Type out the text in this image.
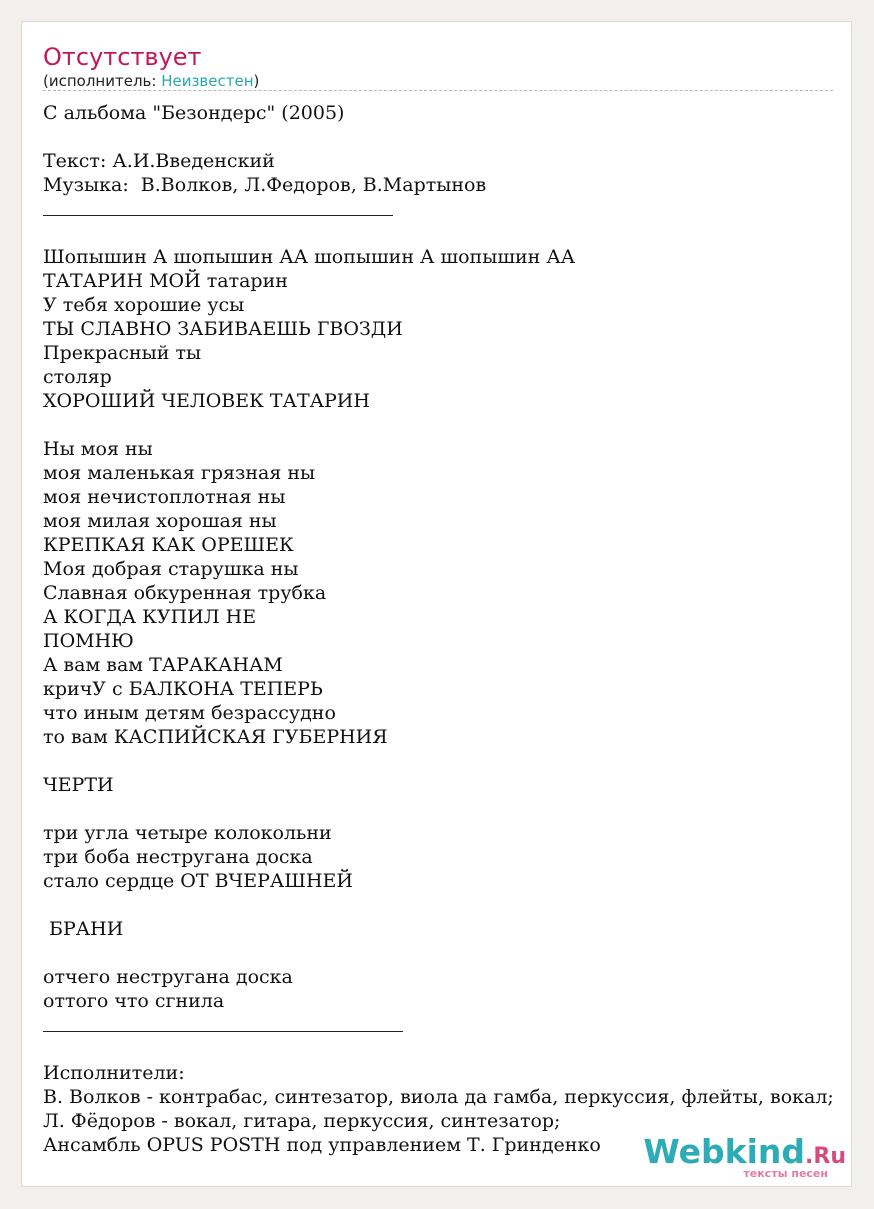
Отсутствует
(исполнитель: Неизвестен)
С альбома "Безондерс" (2005)
Текст: А.И.Введенский
Музыка:  В.Волков, Л.Федоров, В.Мартынов
Шопышин А шопышин АА шопышин А шопышин АА
ТАТАРИН МОЙ татарин
У тебя хорошие усы
ТЫ СЛАВНО ЗАБИВАЕШЬ ГВОЗДИ
Прекрасный ты
столяр
ХОРОШИЙ ЧЕЛОВЕК ТАТАРИН
Ны моя ны
моя маленькая грязная ны
моя нечистоплотная ны
моя милая хорошая ны
КРЕПКАЯ КАК ОРЕШЕК
Моя добрая старушка ны
Славная обкуренная трубка
А КОГДА КУПИЛ НЕ
ПОМНЮ
А вам вам ТАРАКАНАМ
кричУ с БАЛКОНА ТЕПЕРЬ
что иным детям безрассудно
то вам КАСПИЙСКАЯ ГУБЕРНИЯ
ЧЕРТИ
три угла четыре колокольни
три боба неструганa доска
стало сердце ОТ ВЧЕРАШНЕЙ
БРАНИ
отчего неструганa доска
оттого что сгнила
Исполнители:
В. Волков - контрабас, синтезатор, виола да гамба, перкуссия, флейты, вокал;
Л. Фёдоров - вокал, гитара, перкуссия, синтезатор;
Ансамбль OPUS POSTH под управлением Т. Гринденко	Webkind.Ru
тексты песен
